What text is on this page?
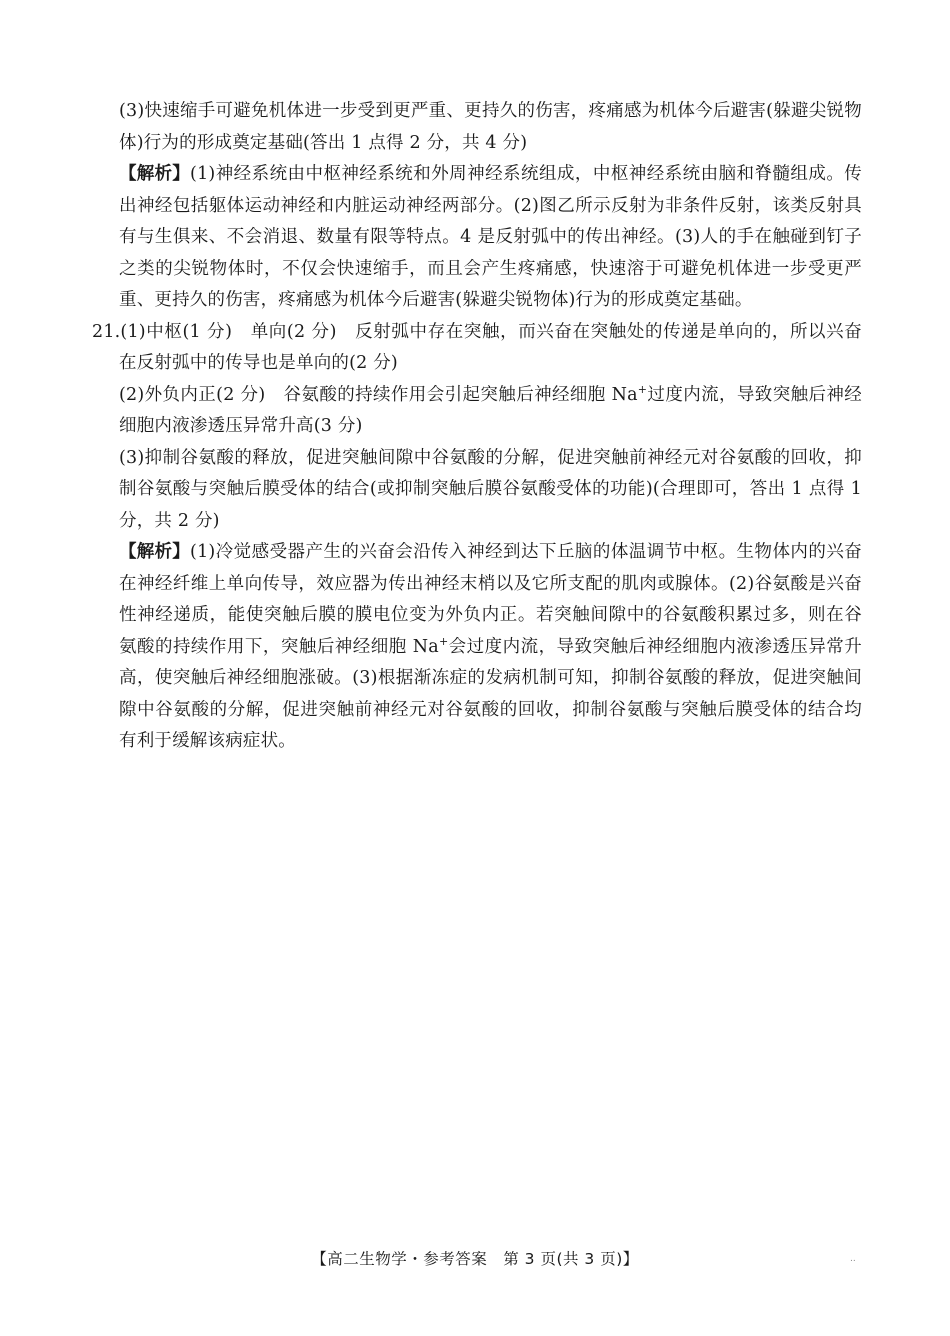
(3)快速缩手可避免机体进一步受到更严重、更持久的伤害，疼痛感为机体今后避害(躲避尖锐物体)行为的形成奠定基础(答出 1 点得 2 分，共 4 分)

【解析】(1)神经系统由中枢神经系统和外周神经系统组成，中枢神经系统由脑和脊髓组成。传出神经包括躯体运动神经和内脏运动神经两部分。(2)图乙所示反射为非条件反射，该类反射具有与生俱来、不会消退、数量有限等特点。4 是反射弧中的传出神经。(3)人的手在触碰到钉子之类的尖锐物体时，不仅会快速缩手，而且会产生疼痛感，快速溶于可避免机体进一步受更严重、更持久的伤害，疼痛感为机体今后避害(躲避尖锐物体)行为的形成奠定基础。

21.(1)中枢(1 分)　单向(2 分)　反射弧中存在突触，而兴奋在突触处的传递是单向的，所以兴奋在反射弧中的传导也是单向的(2 分)

(2)外负内正(2 分)　谷氨酸的持续作用会引起突触后神经细胞 Na+过度内流，导致突触后神经细胞内液渗透压异常升高(3 分)

(3)抑制谷氨酸的释放，促进突触间隙中谷氨酸的分解，促进突触前神经元对谷氨酸的回收，抑制谷氨酸与突触后膜受体的结合(或抑制突触后膜谷氨酸受体的功能)(合理即可，答出 1 点得 1 分，共 2 分)

【解析】(1)冷觉感受器产生的兴奋会沿传入神经到达下丘脑的体温调节中枢。生物体内的兴奋在神经纤维上单向传导，效应器为传出神经末梢以及它所支配的肌肉或腺体。(2)谷氨酸是兴奋性神经递质，能使突触后膜的膜电位变为外负内正。若突触间隙中的谷氨酸积累过多，则在谷氨酸的持续作用下，突触后神经细胞 Na+会过度内流，导致突触后神经细胞内液渗透压异常升高，使突触后神经细胞涨破。(3)根据渐冻症的发病机制可知，抑制谷氨酸的释放，促进突触间隙中谷氨酸的分解，促进突触前神经元对谷氨酸的回收，抑制谷氨酸与突触后膜受体的结合均有利于缓解该病症状。

【高二生物学・参考答案　第 3 页(共 3 页)】	..
